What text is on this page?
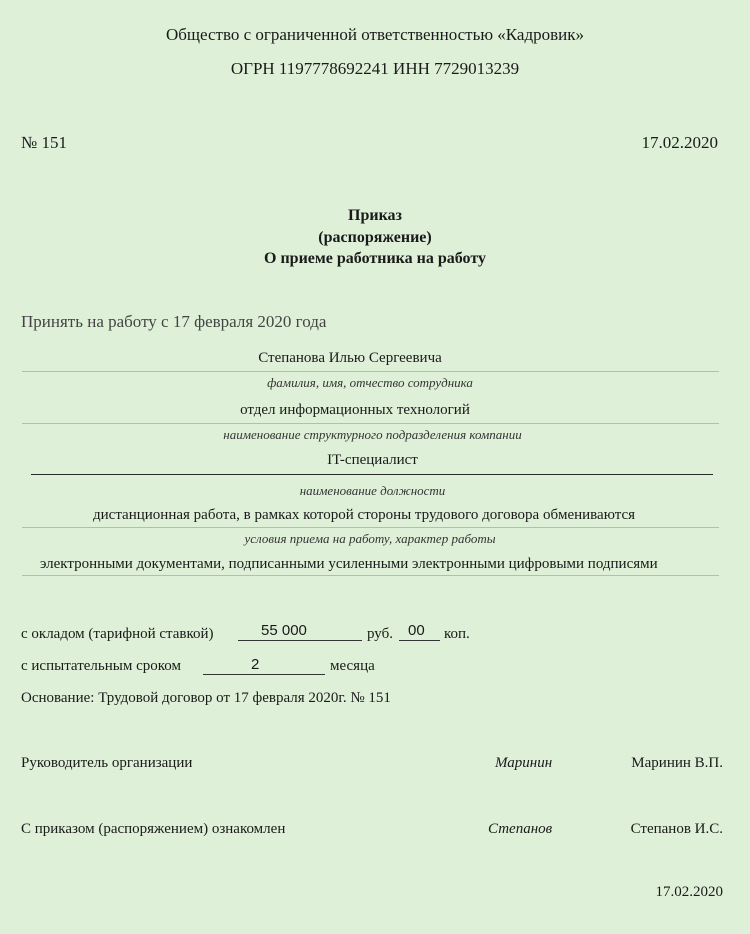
Общество с ограниченной ответственностью «Кадровик»
ОГРН 1197778692241 ИНН 7729013239
№ 151	17.02.2020
Приказ
(распоряжение)
О приеме работника на работу
Принять на работу с 17 февраля 2020 года
Степанова Илью Сергеевича
фамилия, имя, отчество сотрудника
отдел информационных технологий
наименование структурного подразделения компании
IT-специалист
наименование должности
дистанционная работа, в рамках которой стороны трудового договора обмениваются
условия приема на работу, характер работы
электронными документами, подписанными усиленными электронными цифровыми подписями
с окладом (тарифной ставкой)	55 000	руб. 00 коп.
с испытательным сроком	2	месяца
Основание: Трудовой договор от 17 февраля 2020г. № 151
Руководитель организации	Маринин	Маринин В.П.
С приказом (распоряжением) ознакомлен	Степанов	Степанов И.С.
17.02.2020
